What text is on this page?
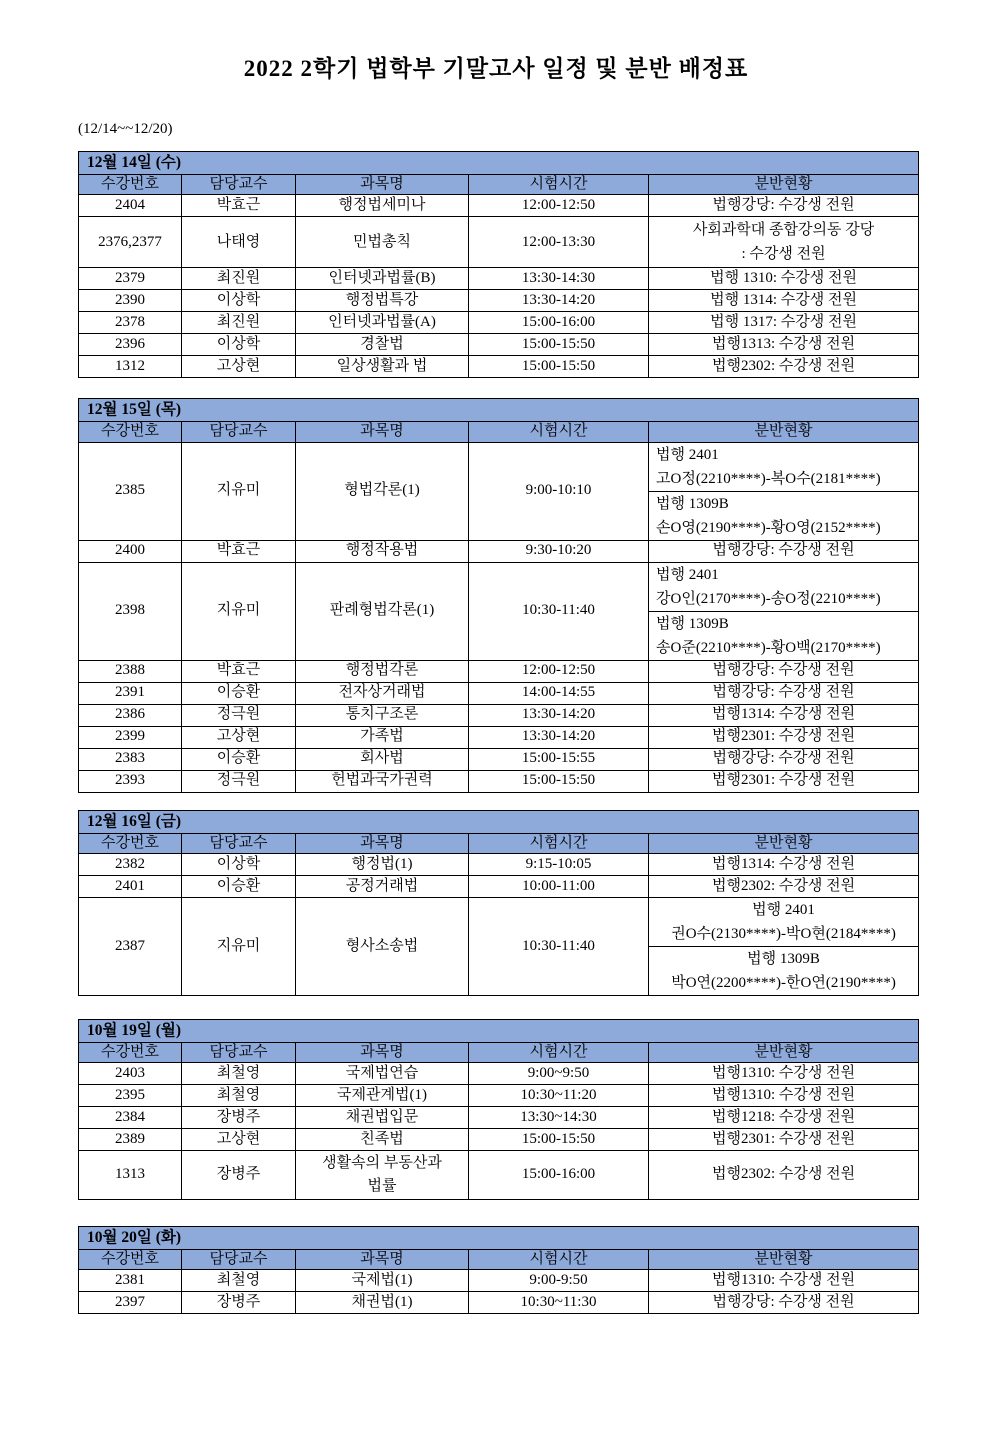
2022 2학기 법학부 기말고사 일정 및 분반 배정표
(12/14~~12/20)
12월 14일 (수)				
수강번호	담당교수	과목명	시험시간	분반현황
2404	박효근	행정법세미나	12:00-12:50	법행강당: 수강생 전원
2376,2377	나태영	민법총칙	12:00-13:30	사회과학대 종합강의동 강당
: 수강생 전원

2379	최진원	인터넷과법률(B)	13:30-14:30	법행 1310: 수강생 전원
2390	이상학	행정법특강	13:30-14:20	법행 1314: 수강생 전원
2378	최진원	인터넷과법률(A)	15:00-16:00	법행 1317: 수강생 전원
2396	이상학	경찰법	15:00-15:50	법행1313: 수강생 전원
1312	고상현	일상생활과 법	15:00-15:50	법행2302: 수강생 전원
12월 15일 (목)				
수강번호	담당교수	과목명	시험시간	분반현황
2385	지유미	형법각론(1)	9:00-10:10	법행 2401
고O정(2210****)-복O수(2181****)
법행 1309B
손O영(2190****)-황O영(2152****)

2400	박효근	행정작용법	9:30-10:20	법행강당: 수강생 전원
2398	지유미	판례형법각론(1)	10:30-11:40	법행 2401
강O인(2170****)-송O정(2210****)
법행 1309B
송O준(2210****)-황O백(2170****)

2388	박효근	행정법각론	12:00-12:50	법행강당: 수강생 전원
2391	이승환	전자상거래법	14:00-14:55	법행강당: 수강생 전원
2386	정극원	통치구조론	13:30-14:20	법행1314: 수강생 전원
2399	고상현	가족법	13:30-14:20	법행2301: 수강생 전원
2383	이승환	회사법	15:00-15:55	법행강당: 수강생 전원
2393	정극원	헌법과국가권력	15:00-15:50	법행2301: 수강생 전원
12월 16일 (금)				
수강번호	담당교수	과목명	시험시간	분반현황
2382	이상학	행정법(1)	9:15-10:05	법행1314: 수강생 전원
2401	이승환	공정거래법	10:00-11:00	법행2302: 수강생 전원
2387	지유미	형사소송법	10:30-11:40	법행 2401
권O수(2130****)-박O현(2184****)
법행 1309B
박O연(2200****)-한O연(2190****)
10월 19일 (월)				
수강번호	담당교수	과목명	시험시간	분반현황
2403	최철영	국제법연습	9:00~9:50	법행1310: 수강생 전원
2395	최철영	국제관계법(1)	10:30~11:20	법행1310: 수강생 전원
2384	장병주	채권법입문	13:30~14:30	법행1218: 수강생 전원
2389	고상현	친족법	15:00-15:50	법행2301: 수강생 전원
1313	장병주	생활속의 부동산과
법률	15:00-16:00	법행2302: 수강생 전원
10월 20일 (화)				
수강번호	담당교수	과목명	시험시간	분반현황
2381	최철영	국제법(1)	9:00-9:50	법행1310: 수강생 전원
2397	장병주	채권법(1)	10:30~11:30	법행강당: 수강생 전원
